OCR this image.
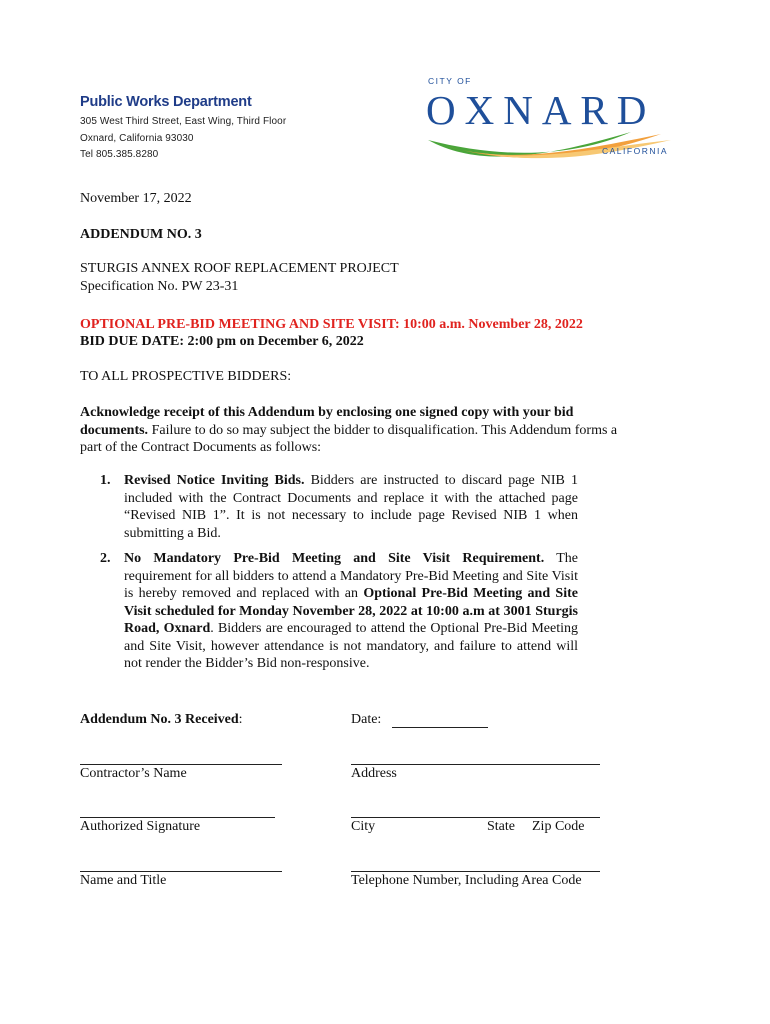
Public Works Department
305 West Third Street, East Wing, Third Floor
Oxnard, California 93030
Tel 805.385.8280
CITY OF
OXNARD
CALIFORNIA
November 17, 2022
ADDENDUM NO. 3
STURGIS ANNEX ROOF REPLACEMENT PROJECT
Specification No. PW 23-31
OPTIONAL PRE-BID MEETING AND SITE VISIT: 10:00 a.m. November 28, 2022
BID DUE DATE: 2:00 pm on December 6, 2022
TO ALL PROSPECTIVE BIDDERS:
Acknowledge receipt of this Addendum by enclosing one signed copy with your bid documents. Failure to do so may subject the bidder to disqualification. This Addendum forms a part of the Contract Documents as follows:
1. Revised Notice Inviting Bids. Bidders are instructed to discard page NIB 1 included with the Contract Documents and replace it with the attached page “Revised NIB 1”. It is not necessary to include page Revised NIB 1 when submitting a Bid.
2. No Mandatory Pre-Bid Meeting and Site Visit Requirement. The requirement for all bidders to attend a Mandatory Pre-Bid Meeting and Site Visit is hereby removed and replaced with an Optional Pre-Bid Meeting and Site Visit scheduled for Monday November 28, 2022 at 10:00 a.m at 3001 Sturgis Road, Oxnard. Bidders are encouraged to attend the Optional Pre-Bid Meeting and Site Visit, however attendance is not mandatory, and failure to attend will not render the Bidder’s Bid non-responsive.
Addendum No. 3 Received:	Date:
Contractor’s Name	Address
Authorized Signature	City	State Zip Code
Name and Title	Telephone Number, Including Area Code
